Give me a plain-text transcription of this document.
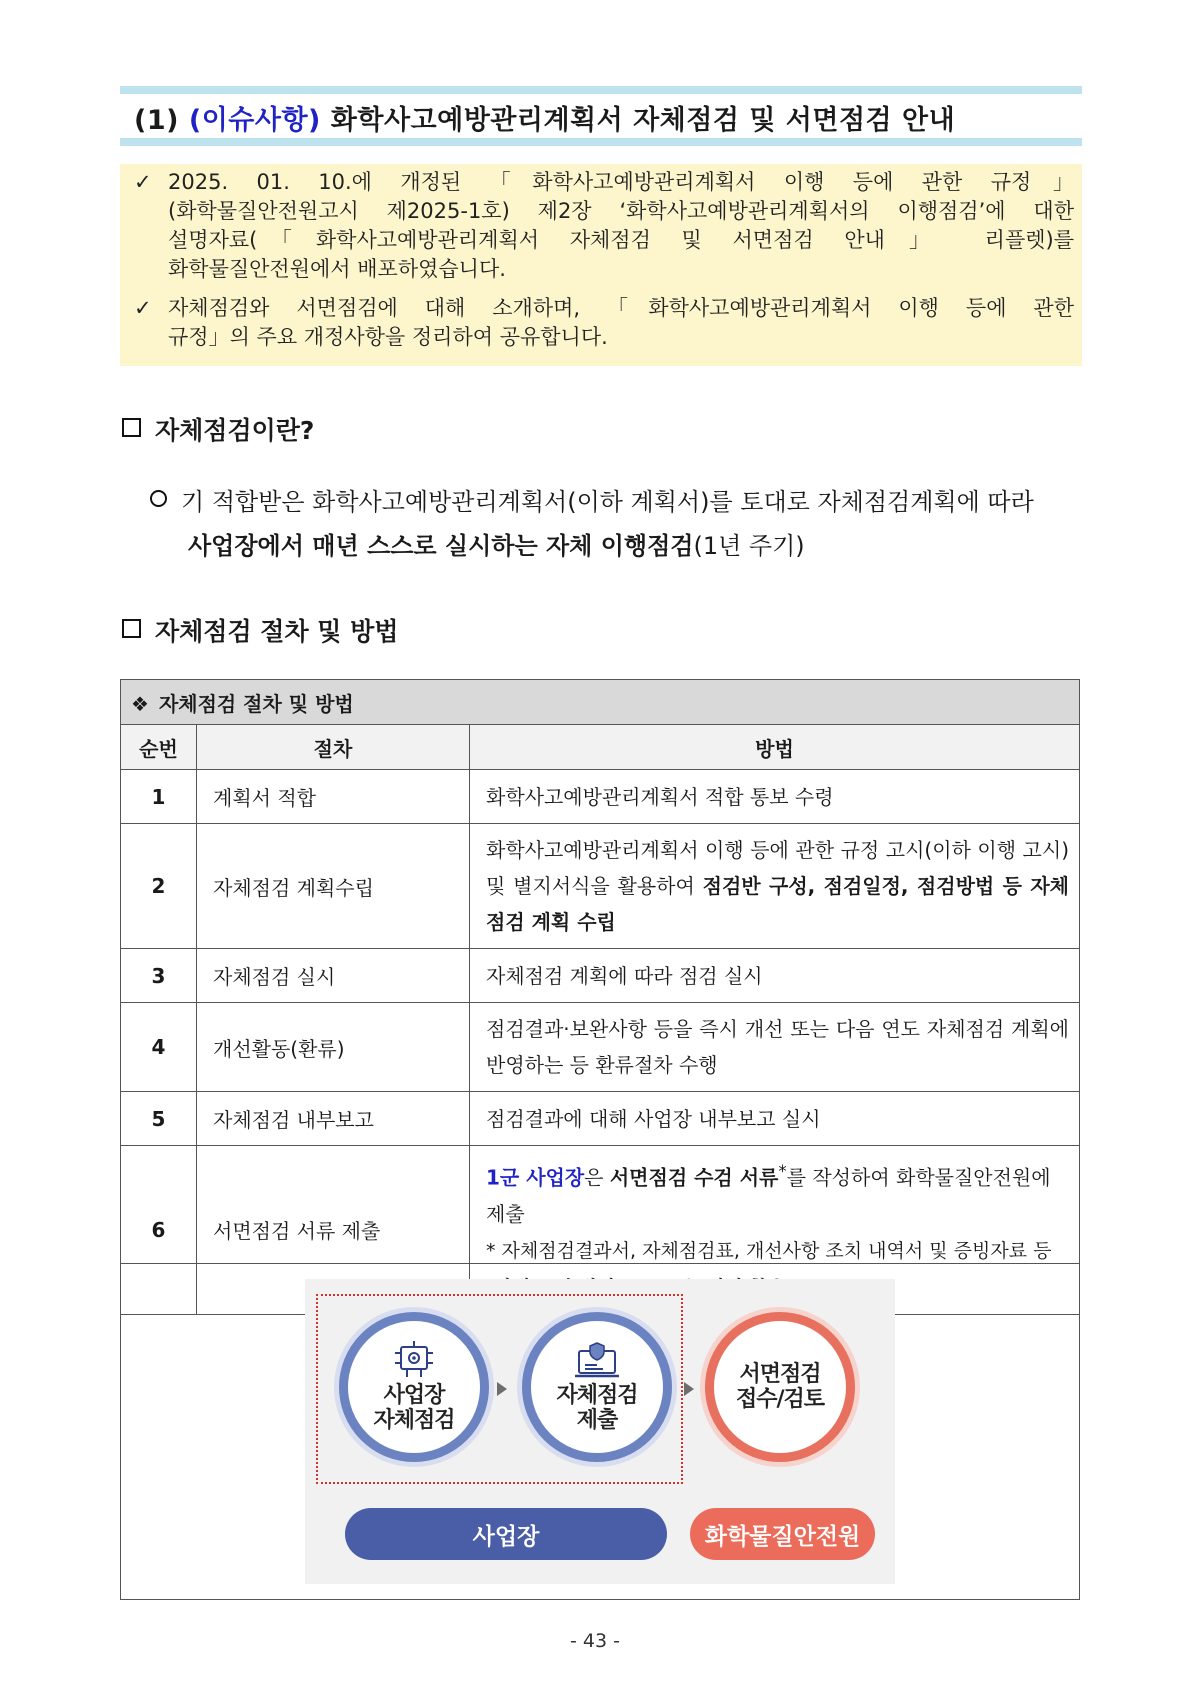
(1) (이슈사항) 화학사고예방관리계획서 자체점검 및 서면점검 안내
✓ 2025. 01. 10.에 개정된 「화학사고예방관리계획서 이행 등에 관한 규정」
(화학물질안전원고시 제2025-1호) 제2장 ‘화학사고예방관리계획서의 이행점검’에 대한
설명자료(「화학사고예방관리계획서 자체점검 및 서면점검 안내」 리플렛)를
화학물질안전원에서 배포하였습니다.
✓ 자체점검와 서면점검에 대해 소개하며, 「화학사고예방관리계획서 이행 등에 관한
규정」의 주요 개정사항을 정리하여 공유합니다.
자체점검이란?
기 적합받은 화학사고예방관리계획서(이하 계획서)를 토대로 자체점검계획에 따라
사업장에서 매년 스스로 실시하는 자체 이행점검(1년 주기)
자체점검 절차 및 방법
❖ 자체점검 절차 및 방법		
순번	절차	방법
1	계획서 적합	화학사고예방관리계획서 적합 통보 수령
2	자체점검 계획수립	화학사고예방관리계획서 이행 등에 관한 규정 고시(이하 이행 고시) 및 별지서식을 활용하여 점검반 구성, 점검일정, 점검방법 등 자체점검 계획 수립
3	자체점검 실시	자체점검 계획에 따라 점검 실시
4	개선활동(환류)	점검결과·보완사항 등을 즉시 개선 또는 다음 연도 자체점검 계획에 반영하는 등 환류절차 수행
5	자체점검 내부보고	점검결과에 대해 사업장 내부보고 실시
6	서면점검 서류 제출	1군 사업장은 서면점검 수검 서류*를 작성하여 화학물질안전원에 제출
* 자체점검결과서, 자체점검표, 개선사항 조치 내역서 및 증빙자료 등

사업장
자체점검
자체점검
제출
서면점검
접수/검토
사업장	화학물질안전원
- 43 -
